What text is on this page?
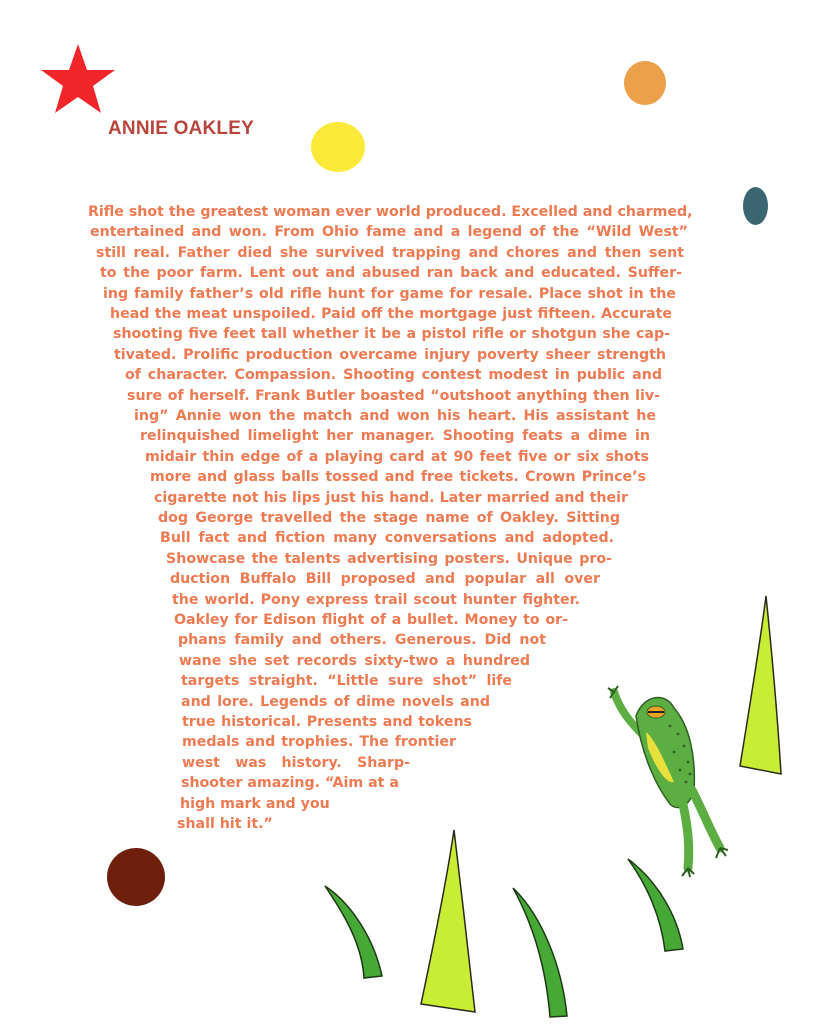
ANNIE OAKLEY

Rifle shot the greatest woman ever world produced. Excelled and charmed,

entertained and won. From Ohio fame and a legend of the “Wild West”

still real. Father died she survived trapping and chores and then sent

to the poor farm. Lent out and abused ran back and educated. Suffer-

ing family father’s old rifle hunt for game for resale. Place shot in the

head the meat unspoiled. Paid off the mortgage just fifteen. Accurate

shooting five feet tall whether it be a pistol rifle or shotgun she cap-

tivated. Prolific production overcame injury poverty sheer strength

of character. Compassion. Shooting contest modest in public and

sure of herself. Frank Butler boasted “outshoot anything then liv-

ing” Annie won the match and won his heart. His assistant he

relinquished limelight her manager. Shooting feats a dime in

midair thin edge of a playing card at 90 feet five or six shots

more and glass balls tossed and free tickets. Crown Prince’s

cigarette not his lips just his hand. Later married and their

dog George travelled the stage name of Oakley. Sitting

Bull fact and fiction many conversations and adopted.

Showcase the talents advertising posters. Unique pro-

duction Buffalo Bill proposed and popular all over

the world. Pony express trail scout hunter fighter.

Oakley for Edison flight of a bullet. Money to or-

phans family and others. Generous. Did not

wane she set records sixty-two a hundred

targets straight. “Little sure shot” life

and lore. Legends of dime novels and

true historical. Presents and tokens

medals and trophies. The frontier

west was history. Sharp-

shooter amazing. “Aim at a

high mark and you

shall hit it.”
